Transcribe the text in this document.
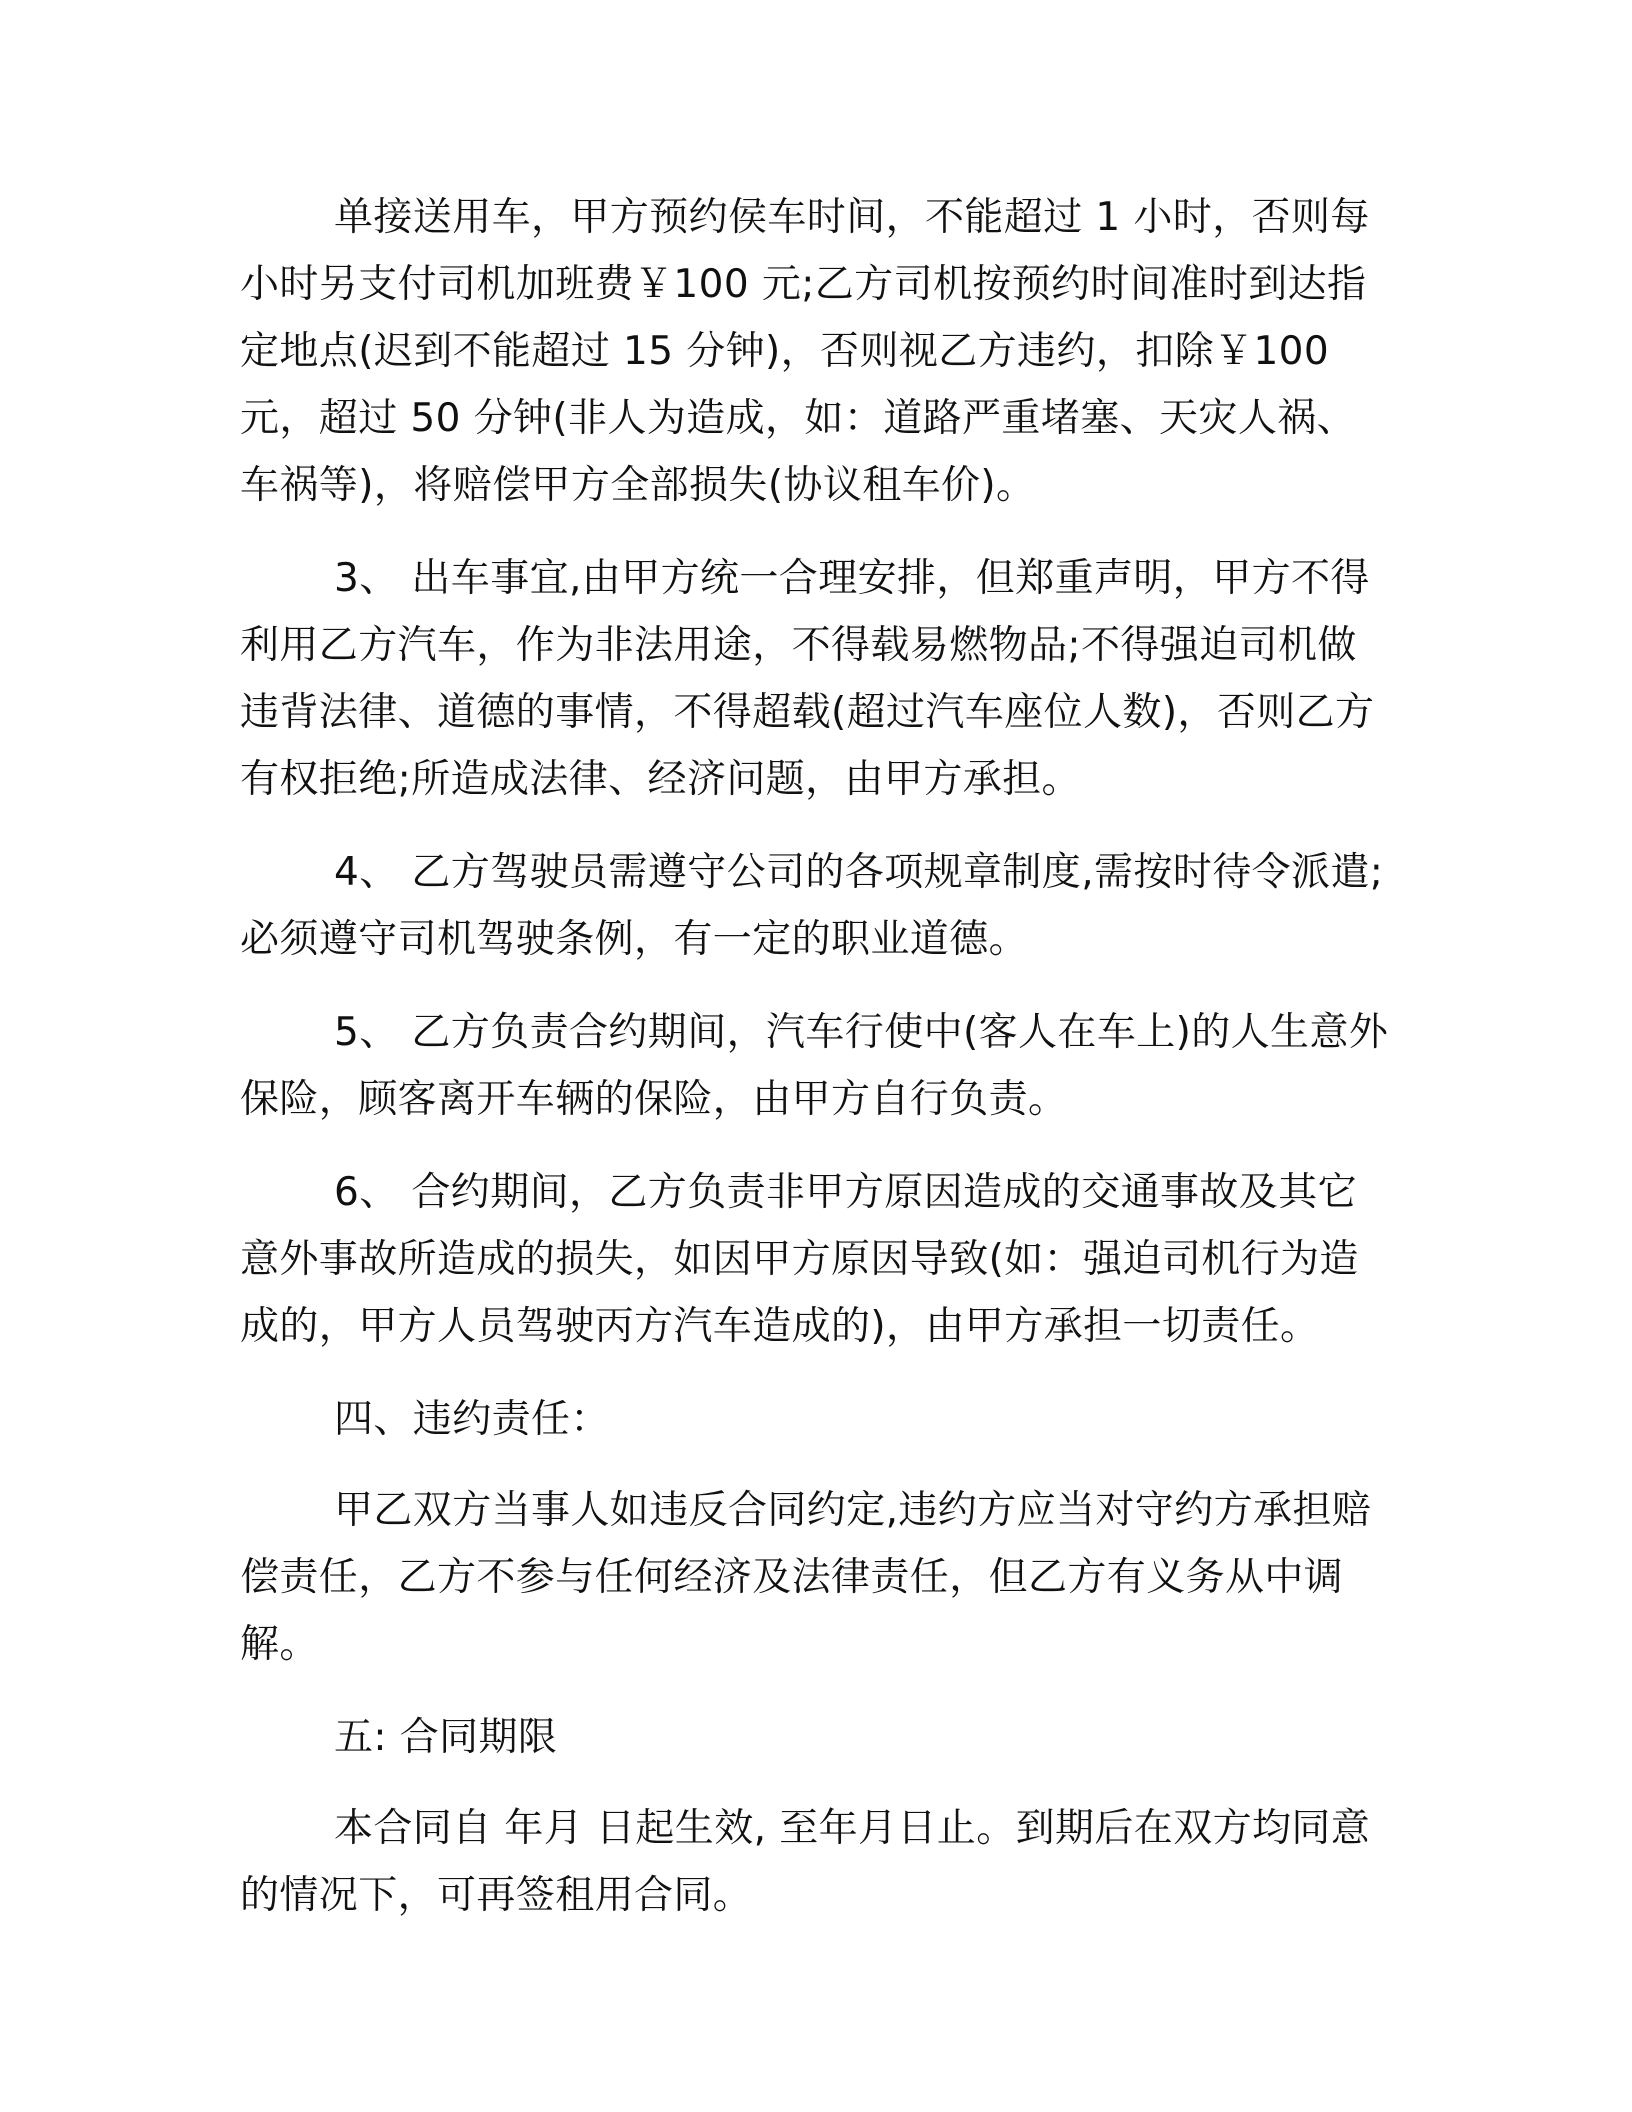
单接送用车，甲方预约侯车时间，不能超过 1 小时，否则每小时另支付司机加班费￥100 元;乙方司机按预约时间准时到达指定地点(迟到不能超过 15 分钟)，否则视乙方违约，扣除￥100 元，超过 50 分钟(非人为造成，如：道路严重堵塞、天灾人祸、车祸等)，将赔偿甲方全部损失(协议租车价)。

3、 出车事宜,由甲方统一合理安排，但郑重声明，甲方不得利用乙方汽车，作为非法用途，不得载易燃物品;不得强迫司机做违背法律、道德的事情，不得超载(超过汽车座位人数)，否则乙方有权拒绝;所造成法律、经济问题，由甲方承担。

4、 乙方驾驶员需遵守公司的各项规章制度,需按时待令派遣;必须遵守司机驾驶条例，有一定的职业道德。

5、 乙方负责合约期间，汽车行使中(客人在车上)的人生意外保险，顾客离开车辆的保险，由甲方自行负责。

6、 合约期间，乙方负责非甲方原因造成的交通事故及其它意外事故所造成的损失，如因甲方原因导致(如：强迫司机行为造成的，甲方人员驾驶丙方汽车造成的)，由甲方承担一切责任。

四、违约责任：

甲乙双方当事人如违反合同约定,违约方应当对守约方承担赔偿责任，乙方不参与任何经济及法律责任，但乙方有义务从中调解。

五: 合同期限

本合同自 年月 日起生效, 至年月日止。到期后在双方均同意的情况下，可再签租用合同。
